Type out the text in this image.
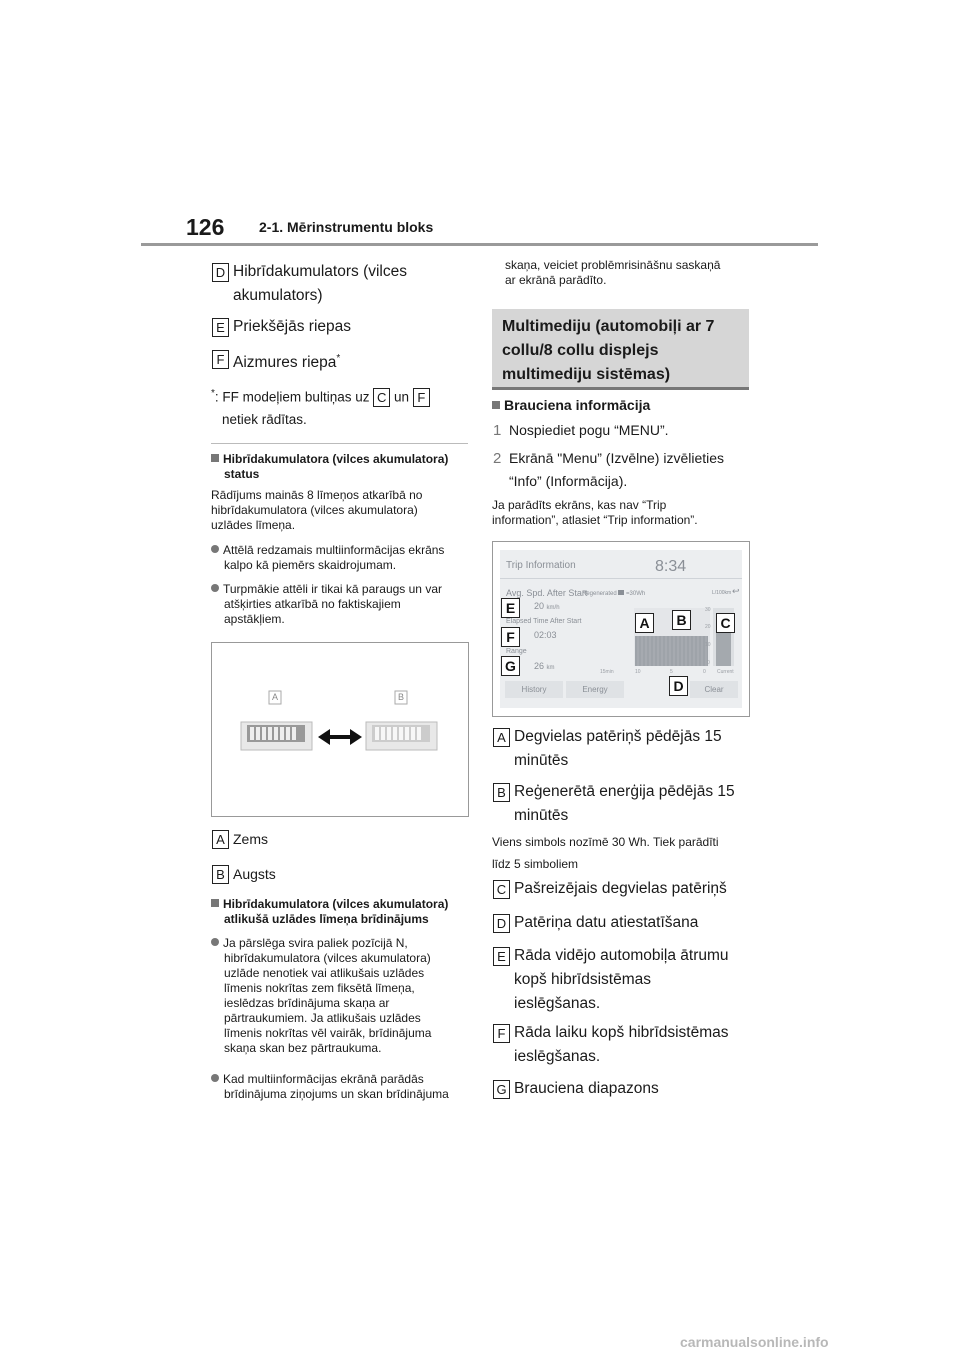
126 2-1. Mērinstrumentu bloks
D Hibrīdakumulators (vilces
akumulators)
E Priekšējās riepas
F Aizmures riepa*
*: FF modeļiem bultiņas uz C un F
netiek rādītas.
Hibrīdakumulatora (vilces akumulatora)
status
Rādījums mainās 8 līmeņos atkarībā no
hibrīdakumulatora (vilces akumulatora)
uzlādes līmeņa.
Attēlā redzamais multiinformācijas ekrāns
kalpo kā piemērs skaidrojumam.
Turpmākie attēli ir tikai kā paraugs un var
atšķirties atkarībā no faktiskajiem
apstākļiem.
A	B
A Zems
B Augsts
Hibrīdakumulatora (vilces akumulatora)
atlikušā uzlādes līmeņa brīdinājums
Ja pārslēga svira paliek pozīcijā N,
hibrīdakumulatora (vilces akumulatora)
uzlāde nenotiek vai atlikušais uzlādes
līmenis nokrītas zem fiksētā līmeņa,
ieslēdzas brīdinājuma skaņa ar
pārtraukumiem. Ja atlikušais uzlādes
līmenis nokrītas vēl vairāk, brīdinājuma
skaņa skan bez pārtraukuma.
Kad multiinformācijas ekrānā parādās
brīdinājuma ziņojums un skan brīdinājuma
skaņa, veiciet problēmrisināšnu saskaņā
ar ekrānā parādīto.
Multimediju (automobiļi ar 7
collu/8 collu displejs
multimediju sistēmas)
Brauciena informācija
1 Nospiediet pogu “MENU”.
2 Ekrānā "Menu” (Izvēlne) izvēlieties
“Info” (Informācija).
Ja parādīts ekrāns, kas nav “Trip
information”, atlasiet “Trip information”.
Trip Information	8:34
Avg. Spd. After Start
20 km/h
Elapsed Time After Start
02:03
Range
26 km
Regenerated =30Wh	L/100km ↩
30
20
10
0
15min	10	5	0 Current
History	Energy	Clear
E
F
G
A	B	C
D
A Degvielas patēriņš pēdējās 15
minūtēs
B Reģenerētā enerģija pēdējās 15
minūtēs
Viens simbols nozīmē 30 Wh. Tiek parādīti
līdz 5 simboliem
C Pašreizējais degvielas patēriņš
D Patēriņa datu atiestatīšana
E Rāda vidējo automobiļa ātrumu
kopš hibrīdsistēmas
ieslēgšanas.
F Rāda laiku kopš hibrīdsistēmas
ieslēgšanas.
G Brauciena diapazons
carmanualsonline.info
